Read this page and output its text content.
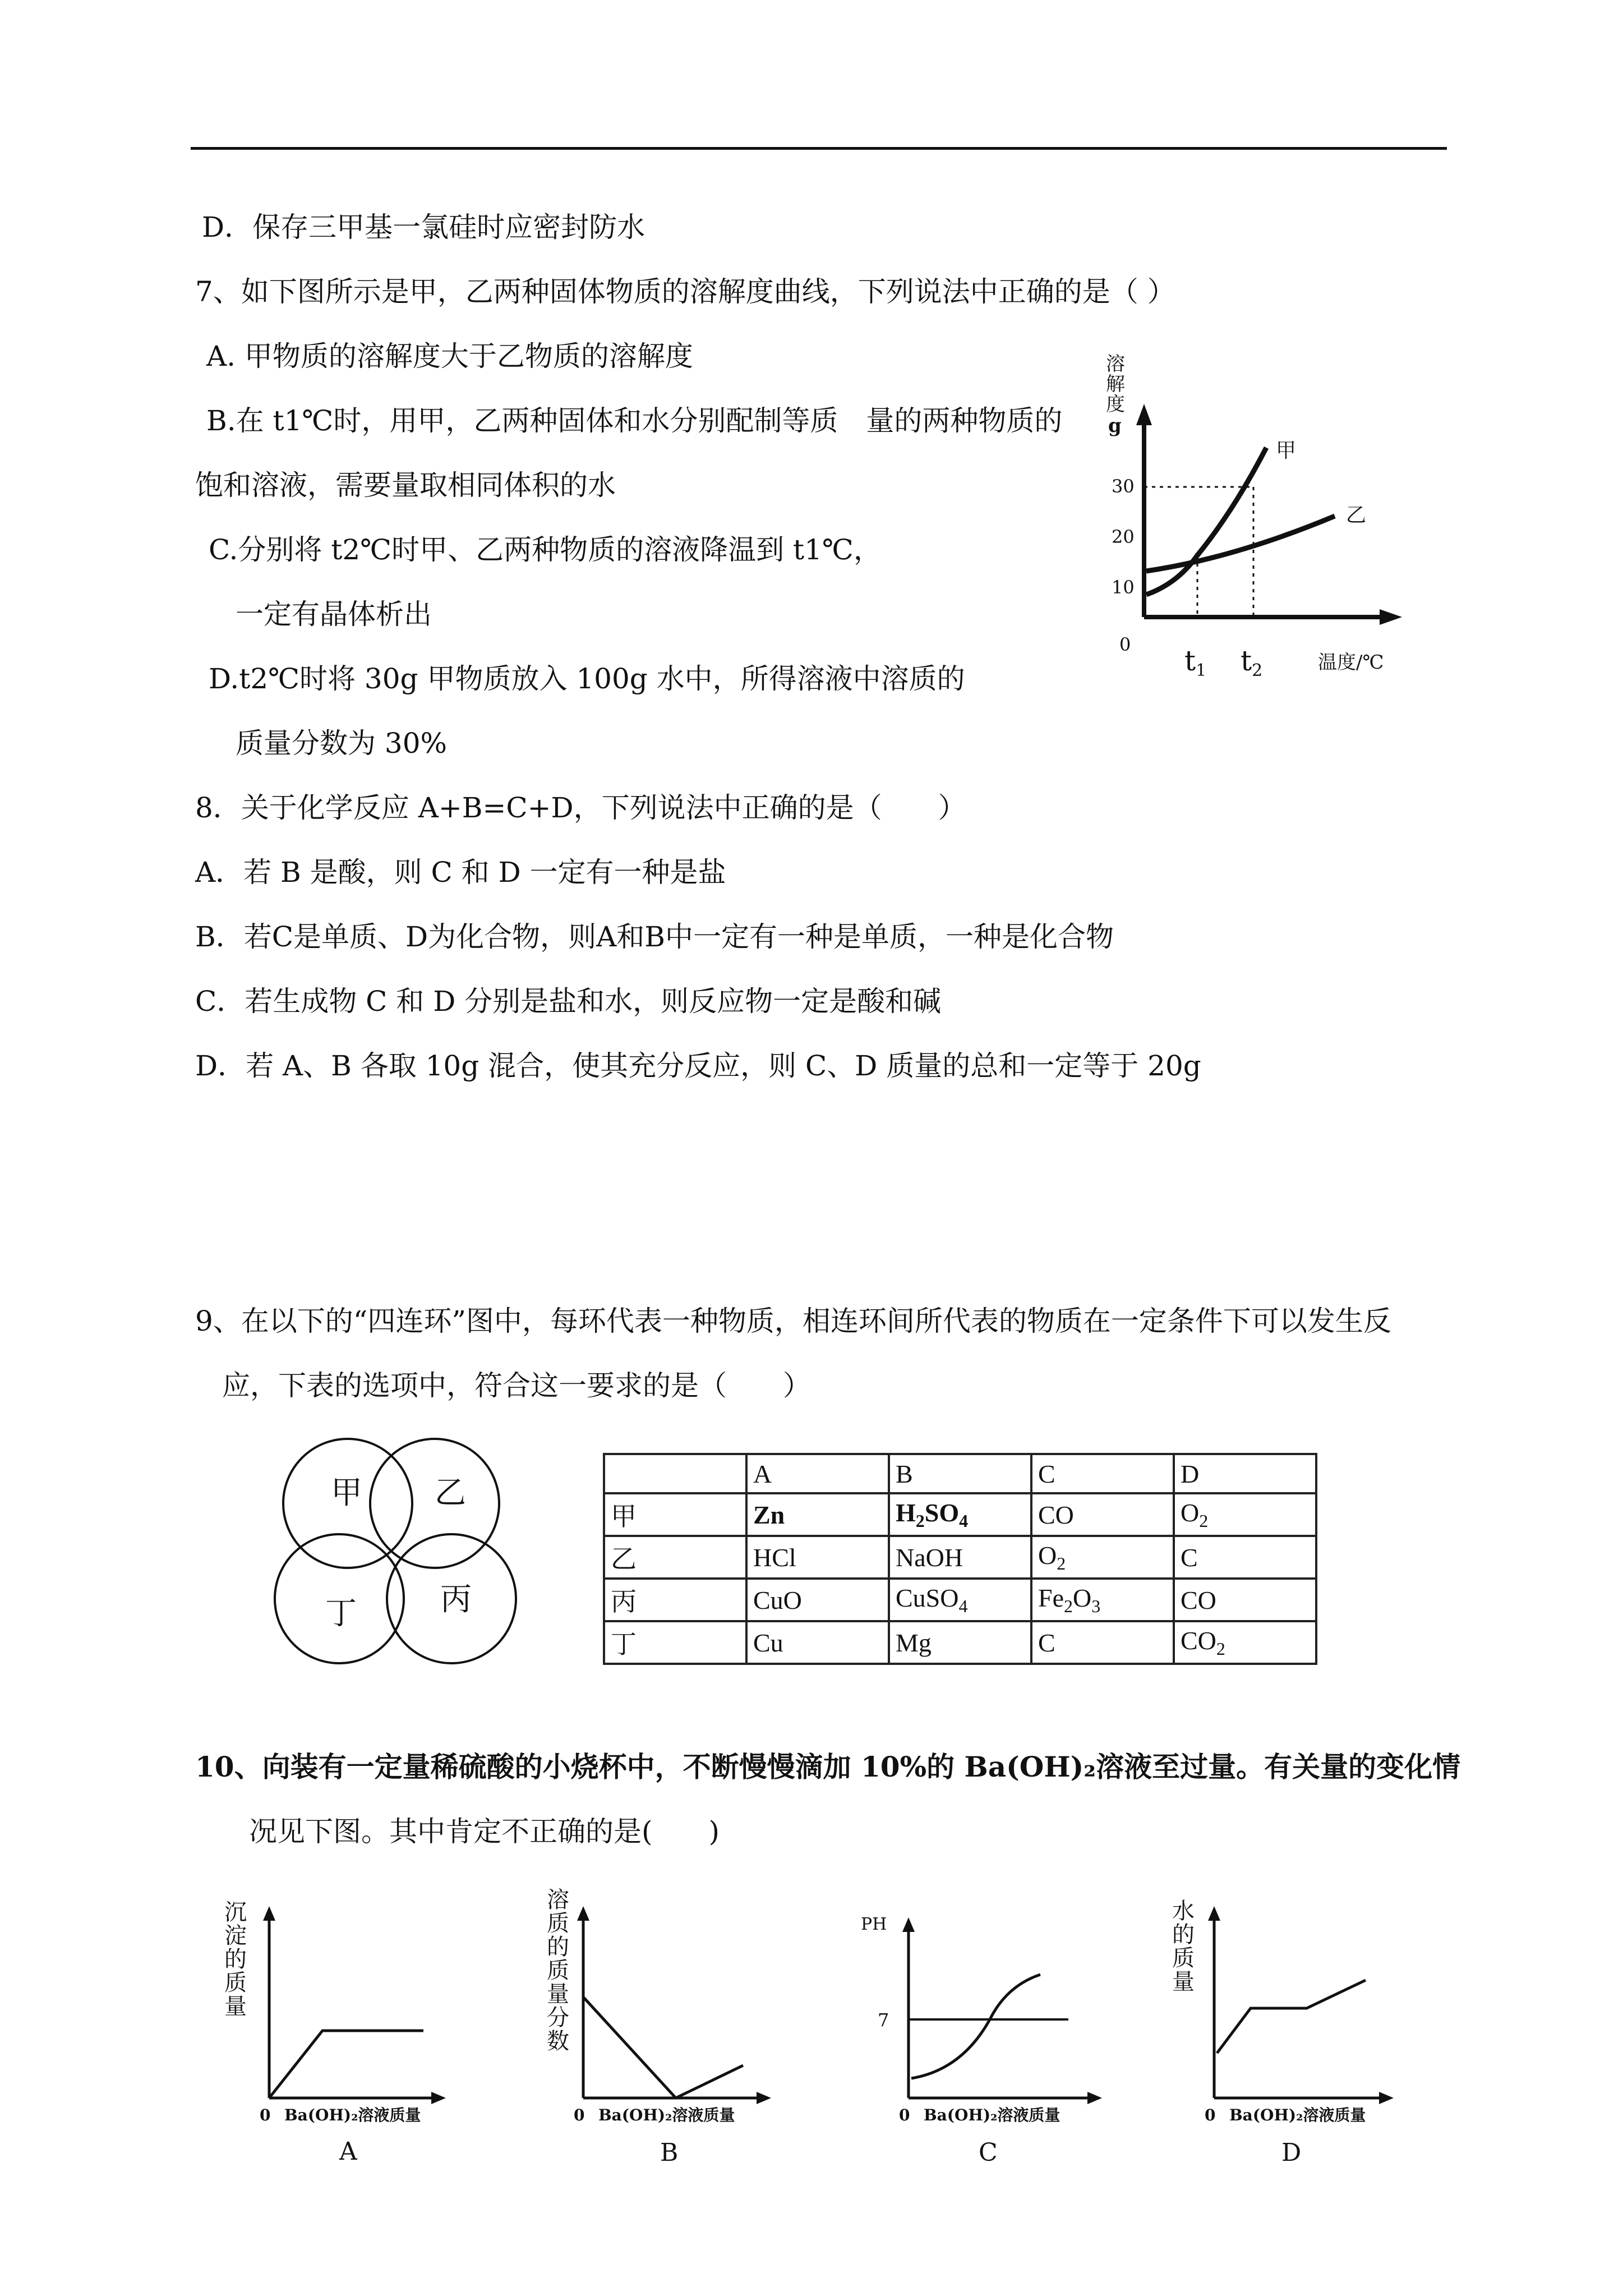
D．保存三甲基一氯硅时应密封防水
7、如下图所示是甲，乙两种固体物质的溶解度曲线，下列说法中正确的是（ ）
A. 甲物质的溶解度大于乙物质的溶解度
B.在 t1℃时，用甲，乙两种固体和水分别配制等质　量的两种物质的
饱和溶液，需要量取相同体积的水
C.分别将 t2℃时甲、乙两种物质的溶液降温到 t1℃，
一定有晶体析出
D.t2℃时将 30g 甲物质放入 100g 水中，所得溶液中溶质的
质量分数为 30%
溶
解
度
g
30
20
10
0
甲
乙
$t_1$ $t_2$	温度/℃
8．关于化学反应 A+B=C+D，下列说法中正确的是（　　）
A．若 B 是酸，则 C 和 D 一定有一种是盐
B．若C是单质、D为化合物，则A和B中一定有一种是单质，一种是化合物
C．若生成物 C 和 D 分别是盐和水，则反应物一定是酸和碱
D．若 A、B 各取 10g 混合，使其充分反应，则 C、D 质量的总和一定等于 20g
9、在以下的“四连环”图中，每环代表一种物质，相连环间所代表的物质在一定条件下可以发生反
应，下表的选项中，符合这一要求的是（　　）
甲 乙
丁	丙
	A	B	C	D
甲	Zn	$H_2SO_4$	CO	$O_2$
乙	HCl	NaOH	$O_2$	C
丙	CuO	CuSO$_4$	$Fe_2O_3$	CO
丁	Cu	Mg	C	$CO_2$
10、向装有一定量稀硫酸的小烧杯中，不断慢慢滴加 10%的 Ba(OH)₂溶液至过量。有关量的变化情
况见下图。其中肯定不正确的是(　　)
沉
淀
的
质
量
0 Ba(OH)₂溶液质量
A
溶
质
的
质
量
分
数
0 Ba(OH)₂溶液质量
B
PH
7
0 Ba(OH)₂溶液质量
C
水
的
质
量
0 Ba(OH)₂溶液质量
D
